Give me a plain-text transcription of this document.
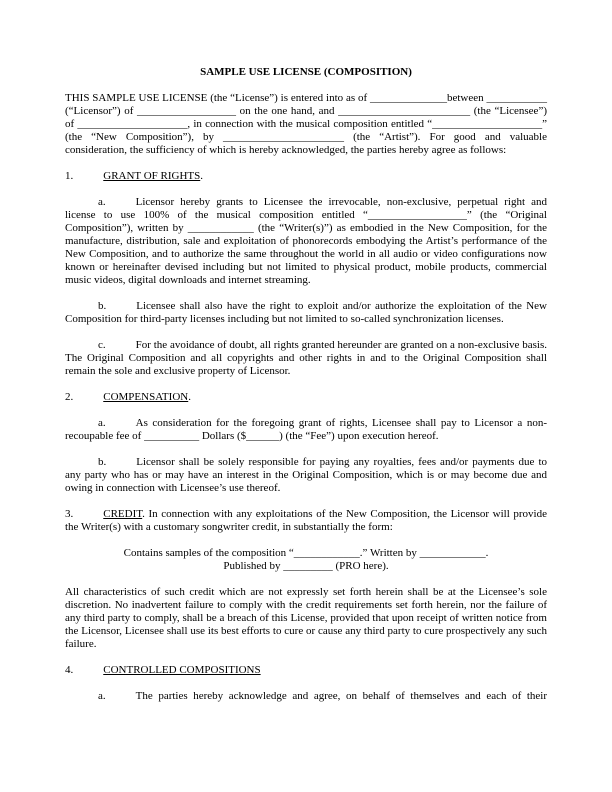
SAMPLE USE LICENSE (COMPOSITION)

THIS SAMPLE USE LICENSE (the “License”) is entered into as of ______________between ___________ (“Licensor”) of __________________ on the one hand, and ________________________ (the “Licensee”) of ____________________, in connection with the musical composition entitled “____________________” (the “New Composition”), by ______________________ (the “Artist”). For good and valuable consideration, the sufficiency of which is hereby acknowledged, the parties hereby agree as follows:

1.	GRANT OF RIGHTS.

a.	Licensor hereby grants to Licensee the irrevocable, non-exclusive, perpetual right and license to use 100% of the musical composition entitled “__________________” (the “Original Composition”), written by ____________ (the “Writer(s)”) as embodied in the New Composition, for the manufacture, distribution, sale and exploitation of phonorecords embodying the Artist’s performance of the New Composition, and to authorize the same throughout the world in all audio or video configurations now known or hereinafter devised including but not limited to physical product, mobile products, commercial music videos, digital downloads and internet streaming.

b.	Licensee shall also have the right to exploit and/or authorize the exploitation of the New Composition for third-party licenses including but not limited to so-called synchronization licenses.

c.	For the avoidance of doubt, all rights granted hereunder are granted on a non-exclusive basis. The Original Composition and all copyrights and other rights in and to the Original Composition shall remain the sole and exclusive property of Licensor.

2.	COMPENSATION.

a.	As consideration for the foregoing grant of rights, Licensee shall pay to Licensor a non-recoupable fee of __________ Dollars ($______) (the “Fee”) upon execution hereof.

b.	Licensor shall be solely responsible for paying any royalties, fees and/or payments due to any party who has or may have an interest in the Original Composition, which is or may become due and owing in connection with Licensee’s use thereof.

3.	CREDIT. In connection with any exploitations of the New Composition, the Licensor will provide the Writer(s) with a customary songwriter credit, in substantially the form:

Contains samples of the composition “____________.” Written by ____________.

Published by _________ (PRO here).

All characteristics of such credit which are not expressly set forth herein shall be at the Licensee’s sole discretion. No inadvertent failure to comply with the credit requirements set forth herein, nor the failure of any third party to comply, shall be a breach of this License, provided that upon receipt of written notice from the Licensor, Licensee shall use its best efforts to cure or cause any third party to cure prospectively any such failure.

4.	CONTROLLED COMPOSITIONS

a.	The parties hereby acknowledge and agree, on behalf of themselves and each of their
